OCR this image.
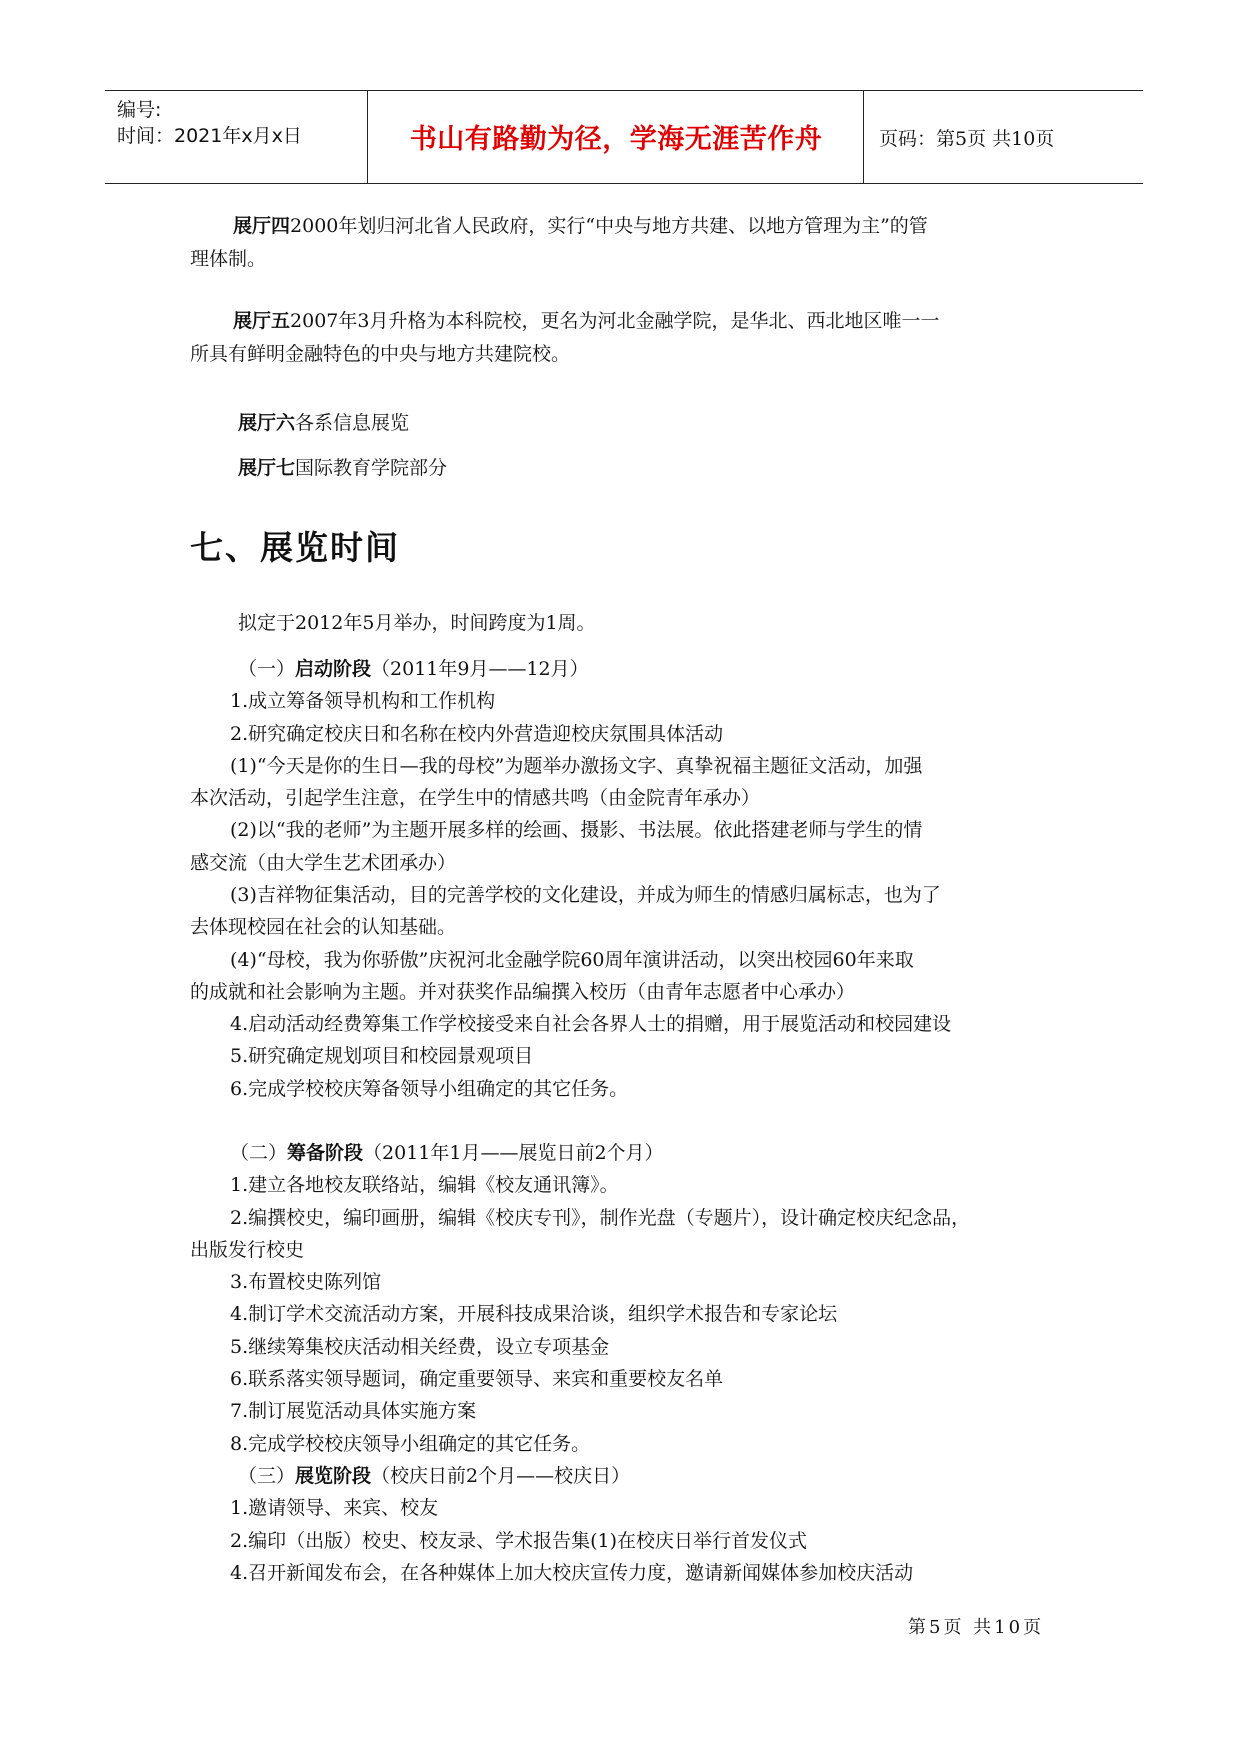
编号:
时间：2021年x月x日	书山有路勤为径，学海无涯苦作舟	页码：第5页 共10页
展厅四2000年划归河北省人民政府，实行“中央与地方共建、以地方管理为主”的管
理体制。
展厅五2007年3月升格为本科院校，更名为河北金融学院，是华北、西北地区唯一一
所具有鲜明金融特色的中央与地方共建院校。
展厅六各系信息展览
展厅七国际教育学院部分
七、展览时间
拟定于2012年5月举办，时间跨度为1周。
（一）启动阶段（2011年9月——12月）
1.成立筹备领导机构和工作机构
2.研究确定校庆日和名称在校内外营造迎校庆氛围具体活动
(1)“今天是你的生日—我的母校”为题举办激扬文字、真挚祝福主题征文活动，加强
本次活动，引起学生注意，在学生中的情感共鸣（由金院青年承办）
(2)以“我的老师”为主题开展多样的绘画、摄影、书法展。依此搭建老师与学生的情
感交流（由大学生艺术团承办）
(3)吉祥物征集活动，目的完善学校的文化建设，并成为师生的情感归属标志，也为了
去体现校园在社会的认知基础。
(4)“母校，我为你骄傲”庆祝河北金融学院60周年演讲活动，以突出校园60年来取
的成就和社会影响为主题。并对获奖作品编撰入校历（由青年志愿者中心承办）
4.启动活动经费筹集工作学校接受来自社会各界人士的捐赠，用于展览活动和校园建设
5.研究确定规划项目和校园景观项目
6.完成学校校庆筹备领导小组确定的其它任务。
（二）筹备阶段（2011年1月——展览日前2个月）
1.建立各地校友联络站，编辑《校友通讯簿》。
2.编撰校史，编印画册，编辑《校庆专刊》，制作光盘（专题片），设计确定校庆纪念品，
出版发行校史
3.布置校史陈列馆
4.制订学术交流活动方案，开展科技成果洽谈，组织学术报告和专家论坛
5.继续筹集校庆活动相关经费，设立专项基金
6.联系落实领导题词，确定重要领导、来宾和重要校友名单
7.制订展览活动具体实施方案
8.完成学校校庆领导小组确定的其它任务。
（三）展览阶段（校庆日前2个月——校庆日）
1.邀请领导、来宾、校友
2.编印（出版）校史、校友录、学术报告集(1)在校庆日举行首发仪式
4.召开新闻发布会，在各种媒体上加大校庆宣传力度，邀请新闻媒体参加校庆活动
第5页 共10页
